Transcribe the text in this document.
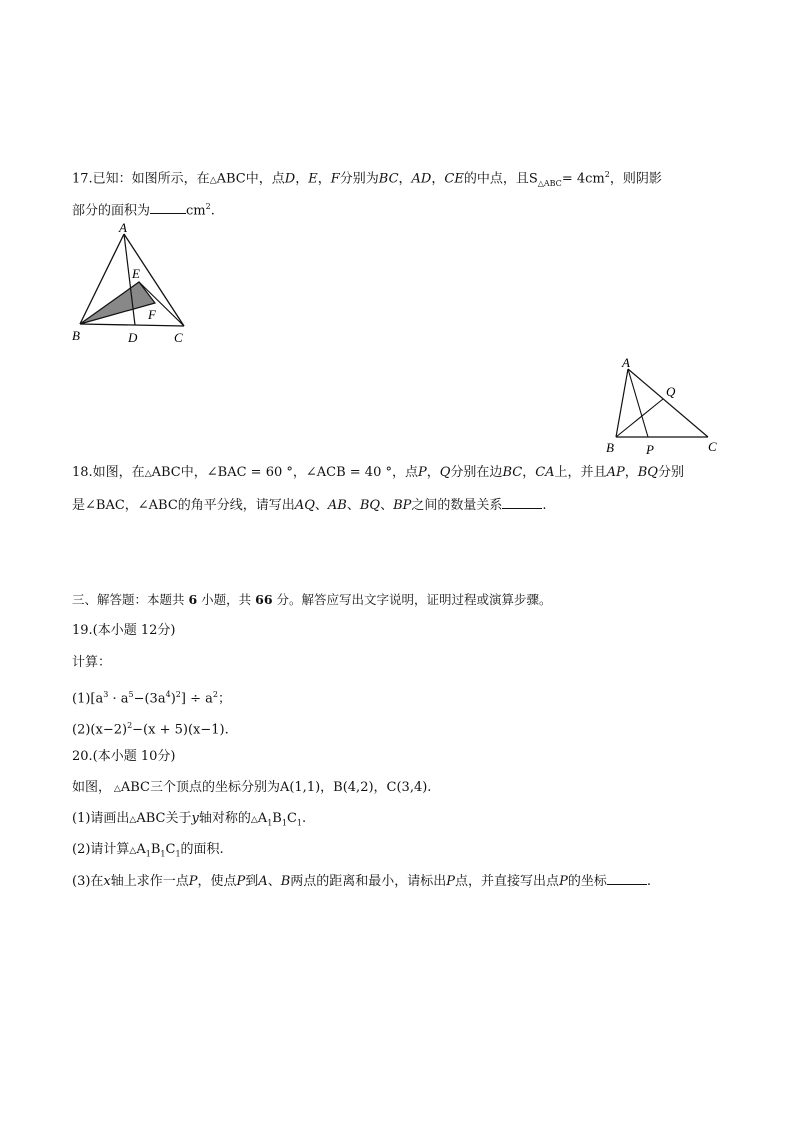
17.已知：如图所示，在△ABC中，点D，E，F分别为BC，AD，CE的中点，且$S_{\triangle ABC}= 4cm^2$，则阴影
部分的面积为	$cm^2$.
A
E
F
B	D	C
A
Q
B P	C
18.如图，在△ABC中，∠BAC = 60 °，∠ACB = 40 °，点P，Q分别在边BC，CA上，并且AP，BQ分别
是∠BAC，∠ABC的角平分线，请写出AQ、AB、BQ、BP之间的数量关系	.
三、解答题：本题共 6 小题，共 66 分。解答应写出文字说明，证明过程或演算步骤。
19.(本小题 12分)
计算：
$(1)[a^3 \cdot a^5-(3a^4)^2] \div a^2$；
$(2)(x-2)^2-(x + 5)(x-1)$.
20.(本小题 10分)
如图， △ABC三个顶点的坐标分别为A(1,1)，B(4,2)，C(3,4).
(1)请画出△ABC关于y轴对称的$\triangle A_1B_1C_1$.
(2)请计算$\triangle A_1B_1C_1$的面积.
(3)在x轴上求作一点P，使点P到A、B两点的距离和最小，请标出P点，并直接写出点P的坐标	.
